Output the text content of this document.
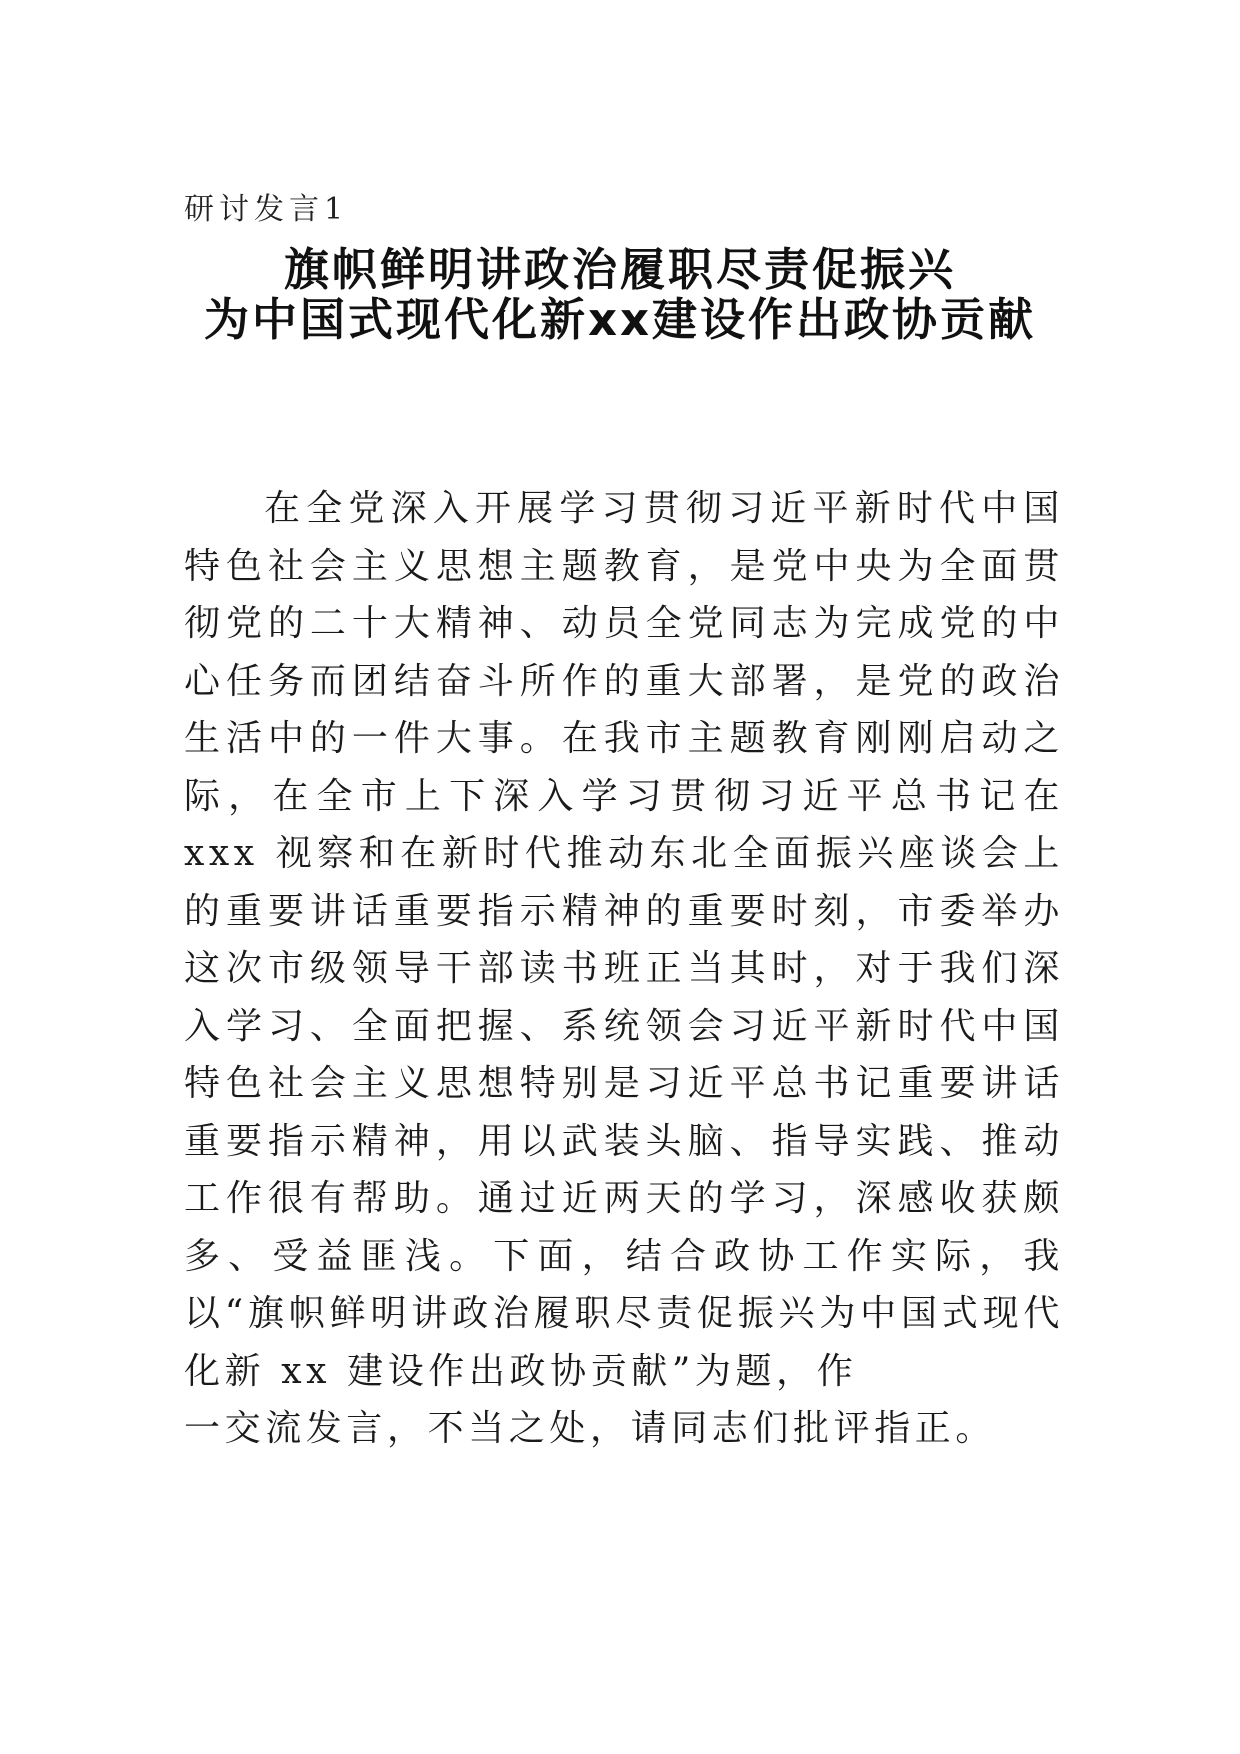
研讨发言1
旗帜鲜明讲政治履职尽责促振兴
为中国式现代化新xx建设作出政协贡献

在全党深入开展学习贯彻习近平新时代中国特色社会主义思想主题教育，是党中央为全面贯彻党的二十大精神、动员全党同志为完成党的中心任务而团结奋斗所作的重大部署，是党的政治生活中的一件大事。在我市主题教育刚刚启动之际，在全市上下深入学习贯彻习近平总书记在 xxx 视察和在新时代推动东北全面振兴座谈会上的重要讲话重要指示精神的重要时刻，市委举办这次市级领导干部读书班正当其时，对于我们深入学习、全面把握、系统领会习近平新时代中国特色社会主义思想特别是习近平总书记重要讲话重要指示精神，用以武装头脑、指导实践、推动工作很有帮助。通过近两天的学习，深感收获颇多、受益匪浅。下面，结合政协工作实际，我以“旗帜鲜明讲政治履职尽责促振兴为中国式现代化新 xx 建设作出政协贡献”为题，作

一交流发言，不当之处，请同志们批评指正。
